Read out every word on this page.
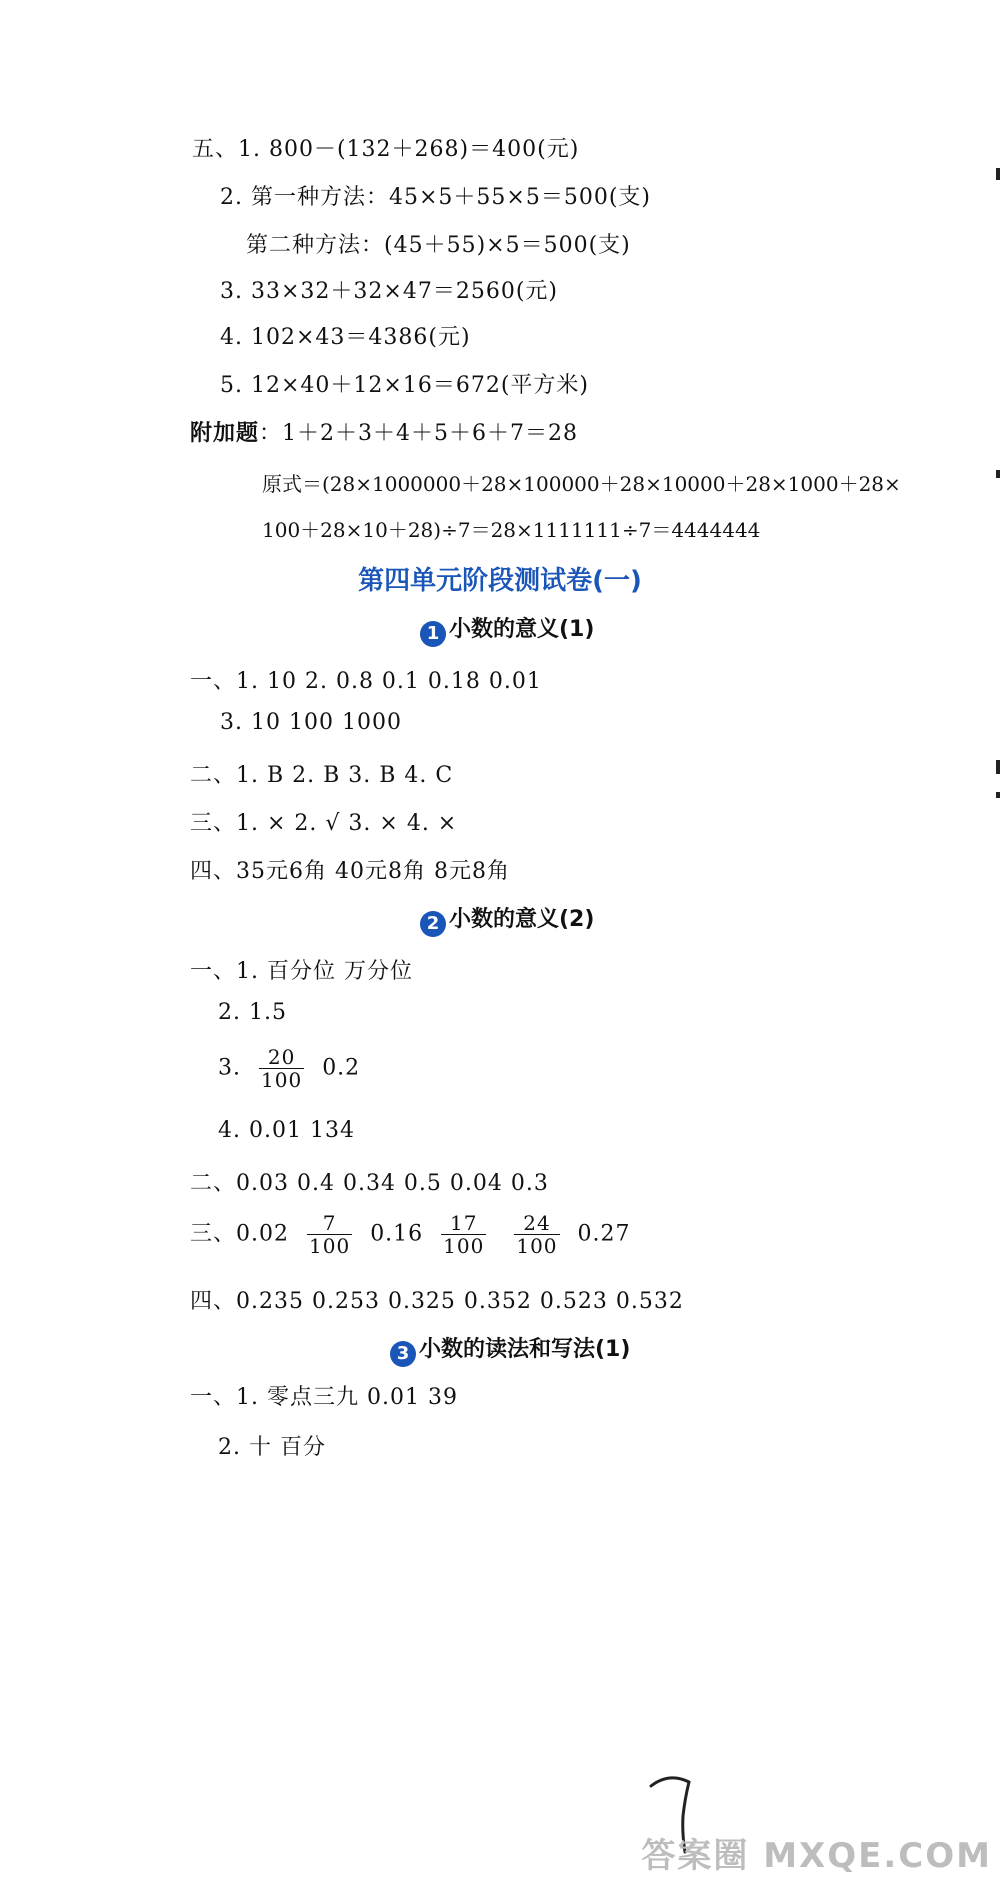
五、1. 800－(132＋268)＝400(元)
2. 第一种方法：45×5＋55×5＝500(支)
第二种方法：(45＋55)×5＝500(支)
3. 33×32＋32×47＝2560(元)
4. 102×43＝4386(元)
5. 12×40＋12×16＝672(平方米)
附加题：1＋2＋3＋4＋5＋6＋7＝28
原式＝(28×1000000＋28×100000＋28×10000＋28×1000＋28×
100＋28×10＋28)÷7＝28×1111111÷7＝4444444
第四单元阶段测试卷(一)
1 小数的意义(1)
一、1. 10 2. 0.8 0.1 0.18 0.01
3. 10 100 1000
二、1. B 2. B 3. B 4. C
三、1. × 2. √ 3. × 4. ×
四、35元6角 40元8角 8元8角
2 小数的意义(2)
一、1. 百分位 万分位
2. 1.5
3. $\frac{20}{100} 0.2$
4. 0.01 134
二、0.03 0.4 0.34 0.5 0.04 0.3
三、$0.02 \frac{7}{100} 0.16 \frac{17}{100}$
$\frac{24}{100} 0.27$
四、0.235 0.253 0.325 0.352 0.523 0.532
3 小数的读法和写法(1)
一、1. 零点三九 0.01 39
2. 十 百分
答案圈 MXQE.COM
